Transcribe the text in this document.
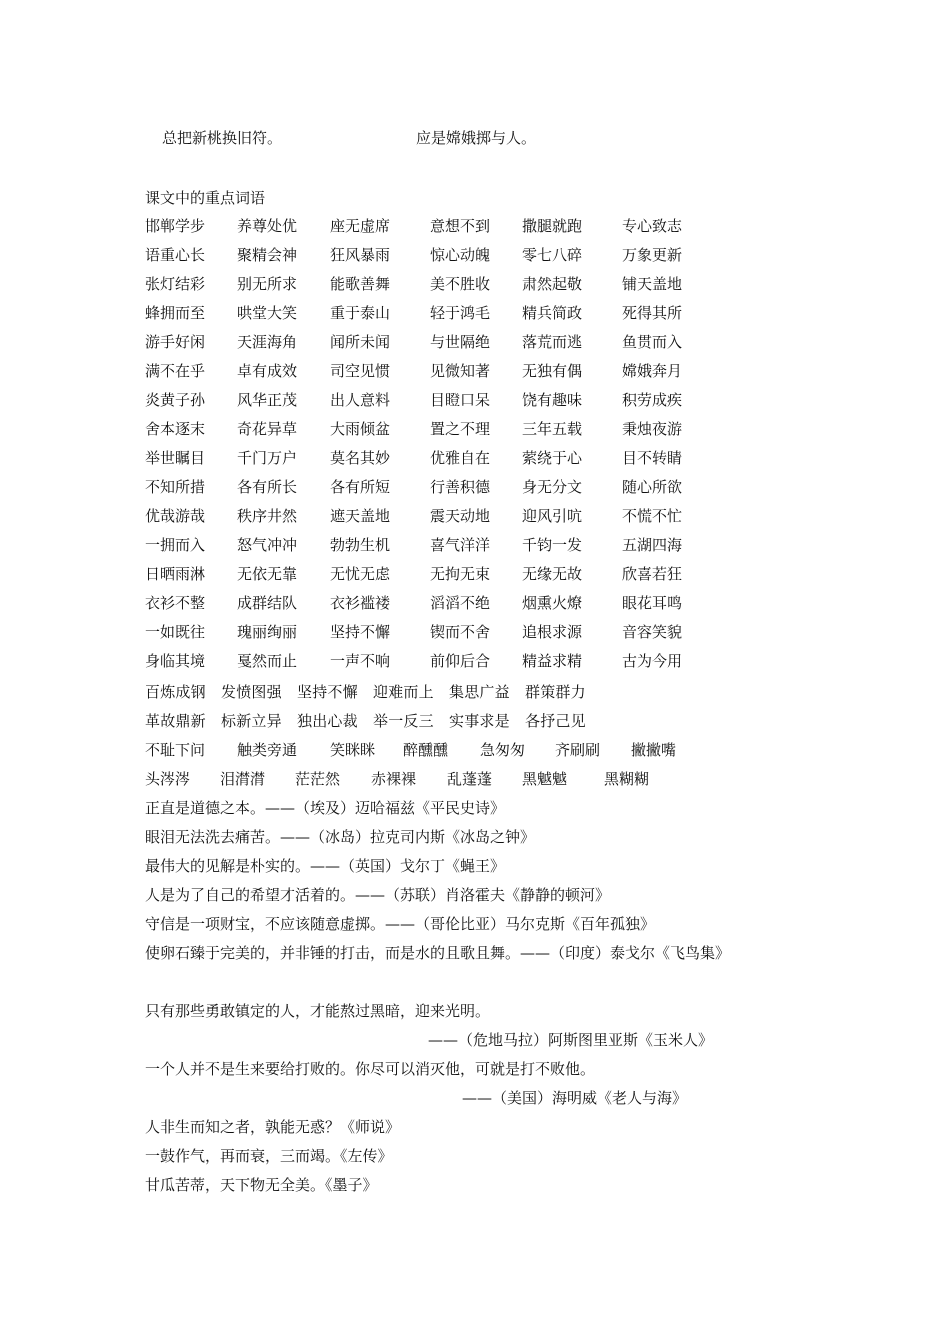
总把新桃换旧符。	应是嫦娥掷与人。
课文中的重点词语
邯郸学步 养尊处优 座无虚席	意想不到 撒腿就跑	专心致志
语重心长 聚精会神 狂风暴雨	惊心动魄 零七八碎	万象更新
张灯结彩 别无所求 能歌善舞	美不胜收 肃然起敬	铺天盖地
蜂拥而至 哄堂大笑 重于泰山	轻于鸿毛 精兵简政	死得其所
游手好闲 天涯海角 闻所未闻	与世隔绝 落荒而逃	鱼贯而入
满不在乎 卓有成效 司空见惯	见微知著 无独有偶	嫦娥奔月
炎黄子孙 风华正茂 出人意料	目瞪口呆 饶有趣味	积劳成疾
舍本逐末 奇花异草 大雨倾盆	置之不理 三年五载	秉烛夜游
举世瞩目 千门万户 莫名其妙	优雅自在 萦绕于心	目不转睛
不知所措 各有所长 各有所短	行善积德 身无分文	随心所欲
优哉游哉 秩序井然 遮天盖地	震天动地 迎风引吭	不慌不忙
一拥而入 怒气冲冲 勃勃生机	喜气洋洋 千钧一发	五湖四海
日晒雨淋 无依无靠 无忧无虑	无拘无束 无缘无故	欣喜若狂
衣衫不整 成群结队 衣衫褴褛	滔滔不绝 烟熏火燎	眼花耳鸣
一如既往 瑰丽绚丽 坚持不懈	锲而不舍 追根求源	音容笑貌
身临其境 戛然而止 一声不响	前仰后合 精益求精	古为今用
百炼成钢　发愤图强　坚持不懈　迎难而上　集思广益　群策群力
革故鼎新　标新立异　独出心裁　举一反三　实事求是　各抒己见
不耻下问 触类旁通 笑眯眯 醉醺醺 急匆匆 齐刷刷 撇撇嘴
头涔涔 泪潸潸 茫茫然 赤裸裸 乱蓬蓬 黑魆魆 黑糊糊
正直是道德之本。——（埃及）迈哈福兹《平民史诗》
眼泪无法洗去痛苦。——（冰岛）拉克司内斯《冰岛之钟》
最伟大的见解是朴实的。——（英国）戈尔丁《蝇王》
人是为了自己的希望才活着的。——（苏联）肖洛霍夫《静静的顿河》
守信是一项财宝，不应该随意虚掷。——（哥伦比亚）马尔克斯《百年孤独》
使卵石臻于完美的，并非锤的打击，而是水的且歌且舞。——（印度）泰戈尔《飞鸟集》
只有那些勇敢镇定的人，才能熬过黑暗，迎来光明。
——（危地马拉）阿斯图里亚斯《玉米人》
一个人并不是生来要给打败的。你尽可以消灭他，可就是打不败他。
——（美国）海明威《老人与海》
人非生而知之者，孰能无惑？《师说》
一鼓作气，再而衰，三而竭。《左传》
甘瓜苦蒂，天下物无全美。《墨子》
